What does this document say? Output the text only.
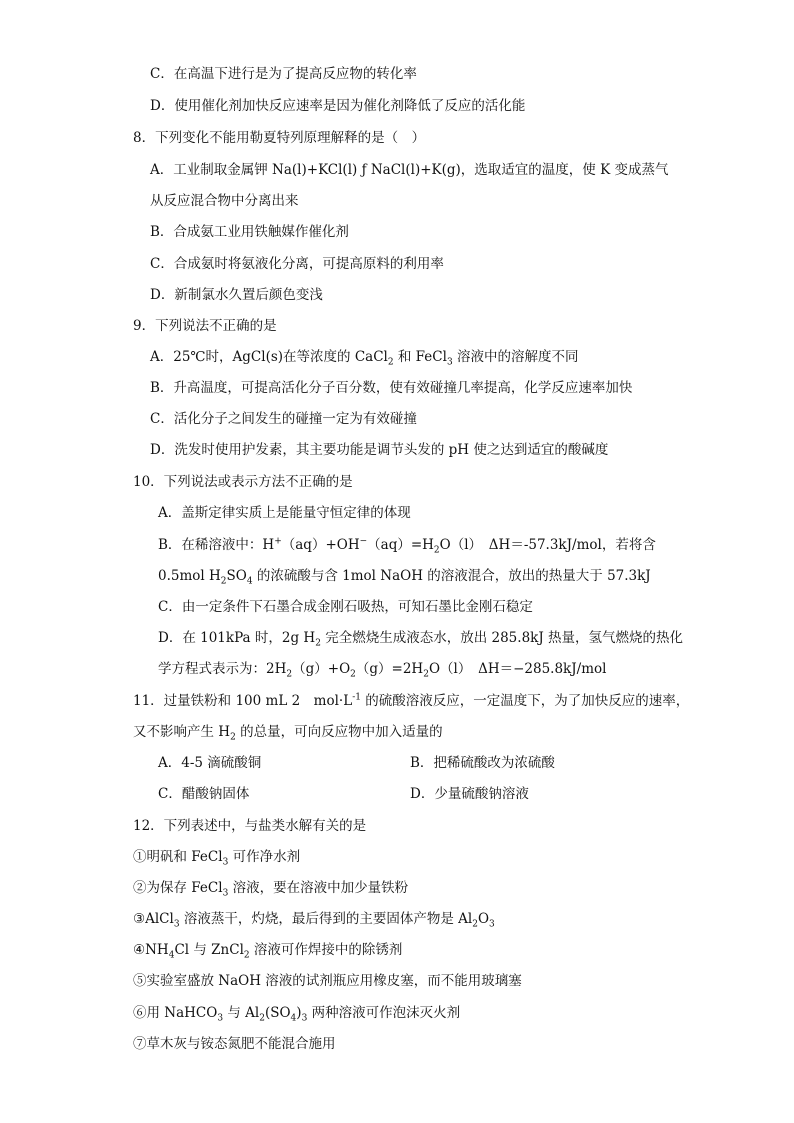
C．在高温下进行是为了提高反应物的转化率
D．使用催化剂加快反应速率是因为催化剂降低了反应的活化能
8．下列变化不能用勒夏特列原理解释的是（　）
A．工业制取金属钾 Na(l)+KCl(l) ƒ NaCl(l)+K(g)，选取适宜的温度，使 K 变成蒸气
从反应混合物中分离出来
B．合成氨工业用铁触媒作催化剂
C．合成氨时将氨液化分离，可提高原料的利用率
D．新制氯水久置后颜色变浅
9．下列说法不正确的是
A．25℃时，AgCl(s)在等浓度的 CaCl$_2$ 和 FeCl$_3$ 溶液中的溶解度不同
B．升高温度，可提高活化分子百分数，使有效碰撞几率提高，化学反应速率加快
C．活化分子之间发生的碰撞一定为有效碰撞
D．洗发时使用护发素，其主要功能是调节头发的 pH 使之达到适宜的酸碱度
10．下列说法或表示方法不正确的是
A．盖斯定律实质上是能量守恒定律的体现
B．在稀溶液中：$H^+(aq)+OH^-(aq)=H_2O(l)$　ΔH＝-57.3kJ/mol，若将含
0.5mol $H_2SO_4$ 的浓硫酸与含 1mol NaOH 的溶液混合，放出的热量大于 57.3kJ
C．由一定条件下石墨合成金刚石吸热，可知石墨比金刚石稳定
D．在 101kPa 时，2g $H_2$ 完全燃烧生成液态水，放出 285.8kJ 热量，氢气燃烧的热化
学方程式表示为：$2H_2(g)+O_2(g)=2H_2O(l)$　ΔH＝−285.8kJ/mol
11．过量铁粉和 100 mL 2　$mol\cdot L^{-1}$ 的硫酸溶液反应，一定温度下，为了加快反应的速率，
又不影响产生 $H_2$ 的总量，可向反应物中加入适量的
A．4-5 滴硫酸铜	B．把稀硫酸改为浓硫酸
C．醋酸钠固体	D．少量硫酸钠溶液
12．下列表述中，与盐类水解有关的是
①明矾和 FeCl$_3$ 可作净水剂
②为保存 FeCl$_3$ 溶液，要在溶液中加少量铁粉
③AlCl$_3$ 溶液蒸干，灼烧，最后得到的主要固体产物是 $Al_2O_3$
$④NH_4Cl$ 与 ZnCl$_2$ 溶液可作焊接中的除锈剂
⑤实验室盛放 NaOH 溶液的试剂瓶应用橡皮塞，而不能用玻璃塞
⑥用 NaHCO$_3$ 与 $Al_2(SO_4)_3$ 两种溶液可作泡沫灭火剂
⑦草木灰与铵态氮肥不能混合施用
